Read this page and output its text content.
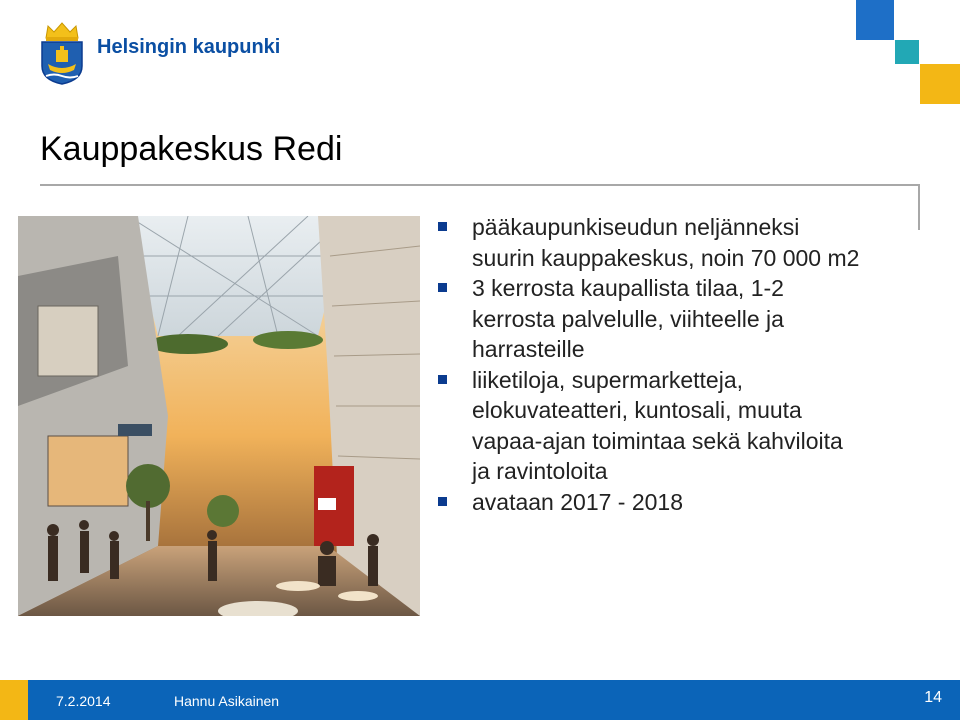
Helsingin kaupunki
Kauppakeskus Redi
pääkaupunkiseudun neljänneksi
suurin kauppakeskus, noin 70 000 m2
3 kerrosta kaupallista tilaa, 1-2
kerrosta palvelulle, viihteelle ja
harrasteille
liiketiloja, supermarketteja,
elokuvateatteri, kuntosali, muuta
vapaa-ajan toimintaa sekä kahviloita
ja ravintoloita
avataan 2017 - 2018
7.2.2014	Hannu Asikainen	14
